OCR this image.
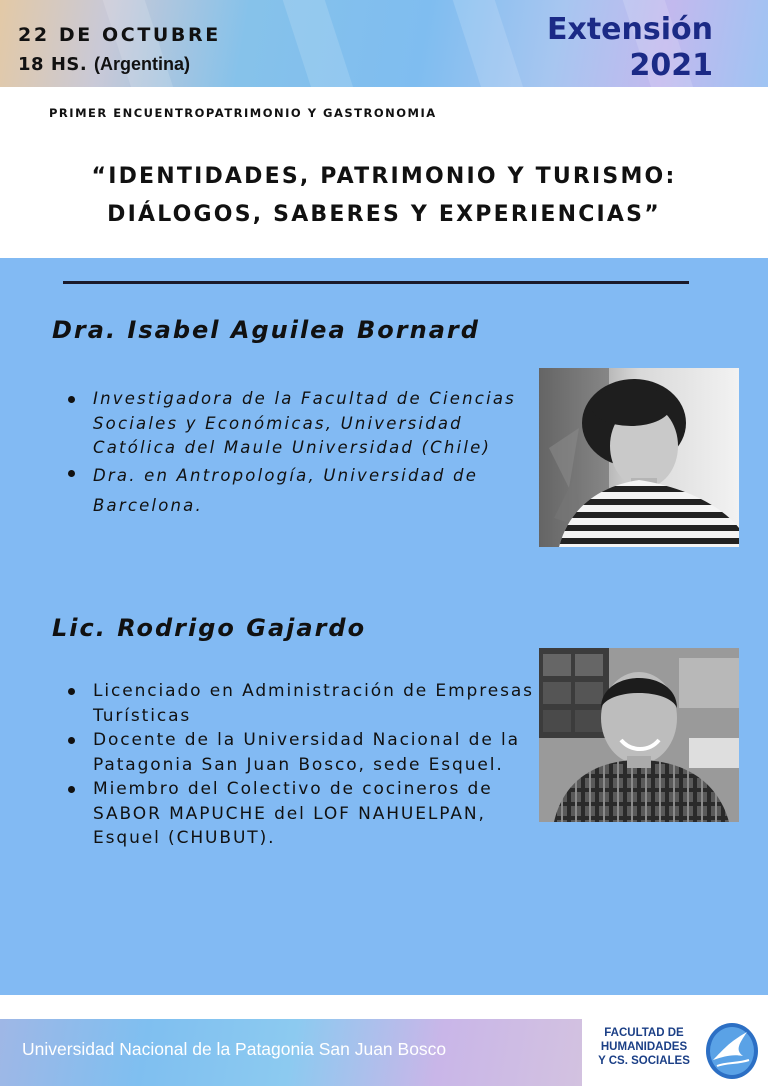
22 DE OCTUBRE
18 HS. (Argentina)
Extensión
2021
PRIMER ENCUENTROPATRIMONIO Y GASTRONOMIA
“IDENTIDADES, PATRIMONIO Y TURISMO:
DIÁLOGOS, SABERES Y EXPERIENCIAS”
Dra. Isabel Aguilea Bornard
Investigadora de la Facultad de Ciencias Sociales y Económicas, Universidad Católica del Maule Universidad (Chile)
Dra. en Antropología, Universidad de Barcelona.
Lic. Rodrigo Gajardo
Licenciado en Administración de Empresas Turísticas
Docente de la Universidad Nacional de la Patagonia San Juan Bosco, sede Esquel.
Miembro del Colectivo de cocineros de SABOR MAPUCHE del LOF NAHUELPAN, Esquel (CHUBUT).
Universidad Nacional de la Patagonia San Juan Bosco
FACULTAD DE
HUMANIDADES
Y CS. SOCIALES
